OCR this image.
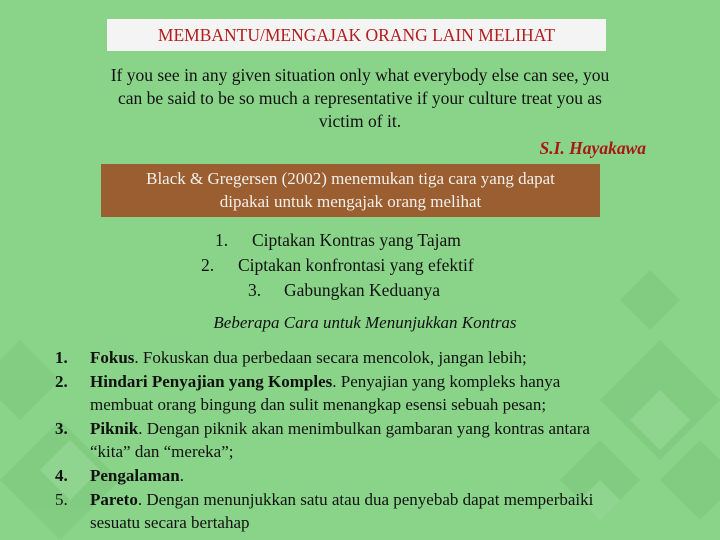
MEMBANTU/MENGAJAK ORANG LAIN MELIHAT
If you see in any given situation only what everybody else can see, you
can be said to be so much a representative if your culture treat you as
victim of it.
S.I. Hayakawa
Black & Gregersen (2002) menemukan tiga cara yang dapat
dipakai untuk mengajak orang melihat
1. Ciptakan Kontras yang Tajam
2. Ciptakan konfrontasi yang efektif
3. Gabungkan Keduanya
Beberapa Cara untuk Menunjukkan Kontras
1.	Fokus. Fokuskan dua perbedaan secara mencolok, jangan lebih;
2.	Hindari Penyajian yang Komples. Penyajian yang kompleks hanya
membuat orang bingung dan sulit menangkap esensi sebuah pesan;
3.	Piknik. Dengan piknik akan menimbulkan gambaran yang kontras antara
“kita” dan “mereka”;
4.	Pengalaman.
5.	Pareto. Dengan menunjukkan satu atau dua penyebab dapat memperbaiki
sesuatu secara bertahap
